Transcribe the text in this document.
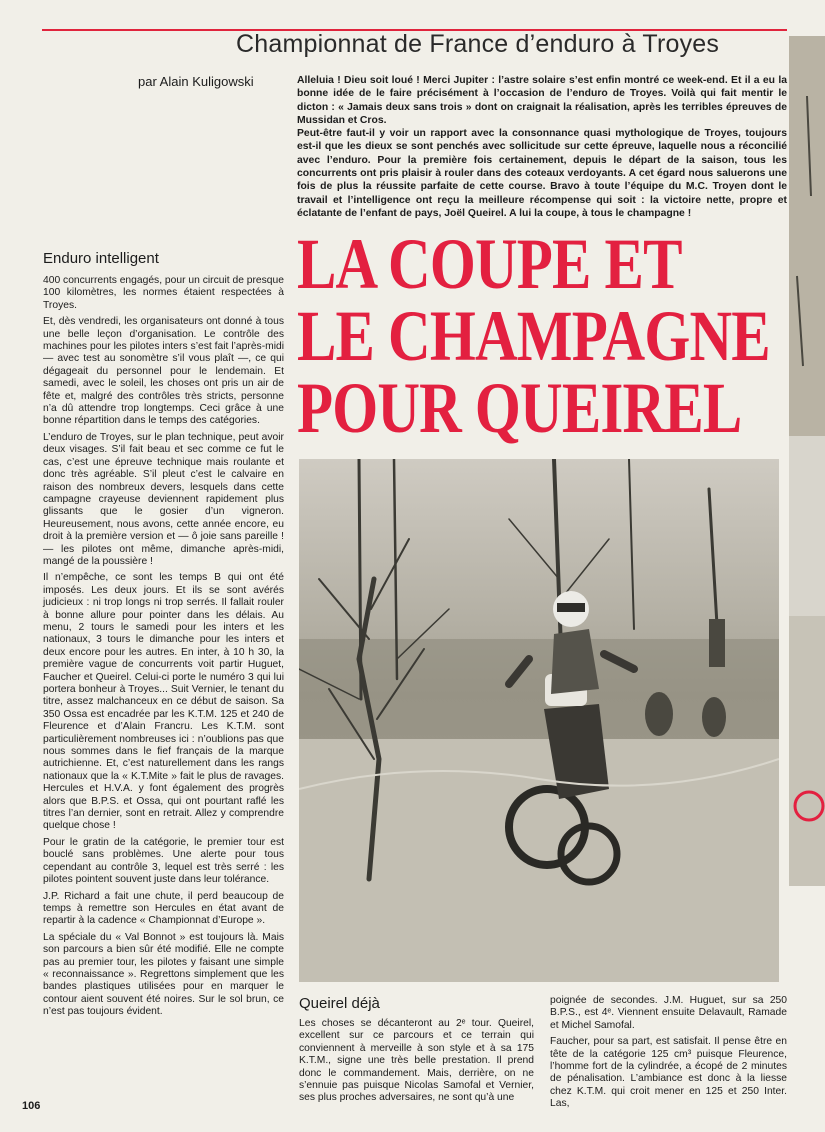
Championnat de France d’enduro à Troyes
par Alain Kuligowski	Alleluia ! Dieu soit loué ! Merci Jupiter : l’astre solaire s’est enfin montré ce week-end. Et il a eu la bonne idée de le faire précisément à l’occasion de l’enduro de Troyes. Voilà qui fait mentir le dicton : « Jamais deux sans trois » dont on craignait la réalisation, après les terribles épreuves de Mussidan et Cros.

Peut-être faut-il y voir un rapport avec la consonnance quasi mythologique de Troyes, toujours est-il que les dieux se sont penchés avec sollicitude sur cette épreuve, laquelle nous a réconcilié avec l’enduro. Pour la première fois certainement, depuis le départ de la saison, tous les concurrents ont pris plaisir à rouler dans des coteaux verdoyants. A cet égard nous saluerons une fois de plus la réussite parfaite de cette course. Bravo à toute l’équipe du M.C. Troyen dont le travail et l’intelligence ont reçu la meilleure récompense qui soit : la victoire nette, propre et éclatante de l’enfant de pays, Joël Queirel. A lui la coupe, à tous le champagne !

LA COUPE ET
LE CHAMPAGNE
POUR QUEIREL
Enduro intelligent

400 concurrents engagés, pour un circuit de presque 100 kilomètres, les normes étaient respectées à Troyes.

Et, dès vendredi, les organisateurs ont donné à tous une belle leçon d’organisation. Le contrôle des machines pour les pilotes inters s’est fait l’après-midi — avec test au sonomètre s’il vous plaît —, ce qui dégageait du personnel pour le lendemain. Et samedi, avec le soleil, les choses ont pris un air de fête et, malgré des contrôles très stricts, personne n’a dû attendre trop longtemps. Ceci grâce à une bonne répartition dans le temps des catégories.

L’enduro de Troyes, sur le plan technique, peut avoir deux visages. S’il fait beau et sec comme ce fut le cas, c’est une épreuve technique mais roulante et donc très agréable. S’il pleut c’est le calvaire en raison des nombreux devers, lesquels dans cette campagne crayeuse deviennent rapidement plus glissants que le gosier d’un vigneron. Heureusement, nous avons, cette année encore, eu droit à la première version et — ô joie sans pareille ! — les pilotes ont même, dimanche après-midi, mangé de la poussière !

Il n’empêche, ce sont les temps B qui ont été imposés. Les deux jours. Et ils se sont avérés judicieux : ni trop longs ni trop serrés. Il fallait rouler à bonne allure pour pointer dans les délais. Au menu, 2 tours le samedi pour les inters et les nationaux, 3 tours le dimanche pour les inters et deux encore pour les autres. En inter, à 10 h 30, la première vague de concurrents voit partir Huguet, Faucher et Queirel. Celui-ci porte le numéro 3 qui lui portera bonheur à Troyes... Suit Vernier, le tenant du titre, assez malchanceux en ce début de saison. Sa 350 Ossa est encadrée par les K.T.M. 125 et 240 de Fleurence et d’Alain Francru. Les K.T.M. sont particulièrement nombreuses ici : n’oublions pas que nous sommes dans le fief français de la marque autrichienne. Et, c’est naturellement dans les rangs nationaux que la « K.T.Mite » fait le plus de ravages. Hercules et H.V.A. y font également des progrès alors que B.P.S. et Ossa, qui ont pourtant raflé les titres l’an dernier, sont en retrait. Allez y comprendre quelque chose !

Pour le gratin de la catégorie, le premier tour est bouclé sans problèmes. Une alerte pour tous cependant au contrôle 3, lequel est très serré : les pilotes pointent souvent juste dans leur tolérance.

J.P. Richard a fait une chute, il perd beaucoup de temps à remettre son Hercules en état avant de repartir à la cadence « Championnat d’Europe ».

La spéciale du « Val Bonnot » est toujours là. Mais son parcours a bien sûr été modifié. Elle ne compte pas au premier tour, les pilotes y faisant une simple « reconnaissance ». Regrettons simplement que les bandes plastiques utilisées pour en marquer le contour aient souvent été noires. Sur le sol brun, ce n’est pas toujours évident.	Queirel déjà

Les choses se décanteront au 2ᵉ tour. Queirel, excellent sur ce parcours et ce terrain qui conviennent à merveille à son style et à sa 175 K.T.M., signe une très belle prestation. Il prend donc le commandement. Mais, derrière, on ne s’ennuie pas puisque Nicolas Samofal et Vernier, ses plus proches adversaires, ne sont qu’à une

poignée de secondes. J.M. Huguet, sur sa 250 B.P.S., est 4ᵉ. Viennent ensuite Delavault, Ramade et Michel Samofal.

Faucher, pour sa part, est satisfait. Il pense être en tête de la catégorie 125 cm³ puisque Fleurence, l’homme fort de la cylindrée, a écopé de 2 minutes de pénalisation. L’ambiance est donc à la liesse chez K.T.M. qui croit mener en 125 et 250 Inter. Las,

106
